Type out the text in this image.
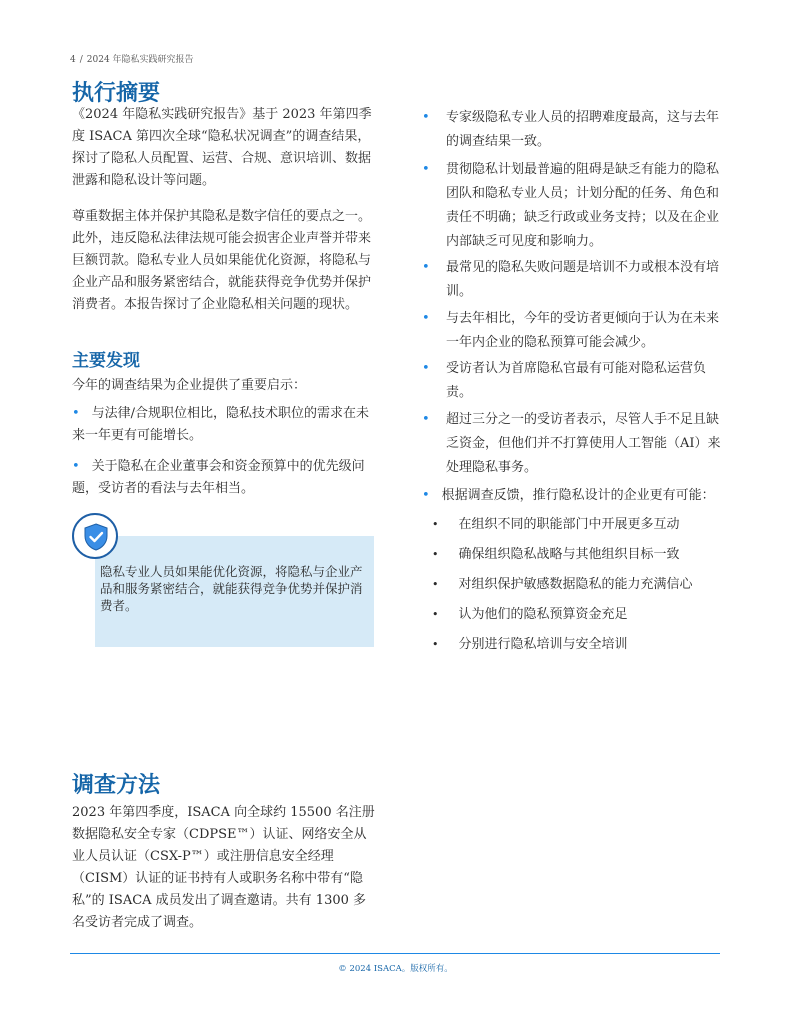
4 / 2024 年隐私实践研究报告
执行摘要

《2024 年隐私实践研究报告》基于 2023 年第四季度 ISACA 第四次全球“隐私状况调查”的调查结果，探讨了隐私人员配置、运营、合规、意识培训、数据泄露和隐私设计等问题。

尊重数据主体并保护其隐私是数字信任的要点之一。此外，违反隐私法律法规可能会损害企业声誉并带来巨额罚款。隐私专业人员如果能优化资源，将隐私与企业产品和服务紧密结合，就能获得竞争优势并保护消费者。本报告探讨了企业隐私相关问题的现状。

主要发现

今年的调查结果为企业提供了重要启示：

• 与法律/合规职位相比，隐私技术职位的需求在未来一年更有可能增长。
• 关于隐私在企业董事会和资金预算中的优先级问题，受访者的看法与去年相当。
隐私专业人员如果能优化资源，将隐私与企业产品和服务紧密结合，就能获得竞争优势并保护消费者。
• 专家级隐私专业人员的招聘难度最高，这与去年的调查结果一致。
• 贯彻隐私计划最普遍的阻碍是缺乏有能力的隐私团队和隐私专业人员；计划分配的任务、角色和责任不明确；缺乏行政或业务支持；以及在企业内部缺乏可见度和影响力。
• 最常见的隐私失败问题是培训不力或根本没有培训。
• 与去年相比，今年的受访者更倾向于认为在未来一年内企业的隐私预算可能会减少。
• 受访者认为首席隐私官最有可能对隐私运营负责。
• 超过三分之一的受访者表示，尽管人手不足且缺乏资金，但他们并不打算使用人工智能（AI）来处理隐私事务。
• 根据调查反馈，推行隐私设计的企业更有可能：
• 在组织不同的职能部门中开展更多互动
• 确保组织隐私战略与其他组织目标一致
• 对组织保护敏感数据隐私的能力充满信心
• 认为他们的隐私预算资金充足
• 分别进行隐私培训与安全培训
调查方法
2023 年第四季度，ISACA 向全球约 15500 名注册数据隐私安全专家（CDPSE™）认证、网络安全从业人员认证（CSX-P™）或注册信息安全经理（CISM）认证的证书持有人或职务名称中带有“隐私”的 ISACA 成员发出了调查邀请。共有 1300 多名受访者完成了调查。
© 2024 ISACA。版权所有。
